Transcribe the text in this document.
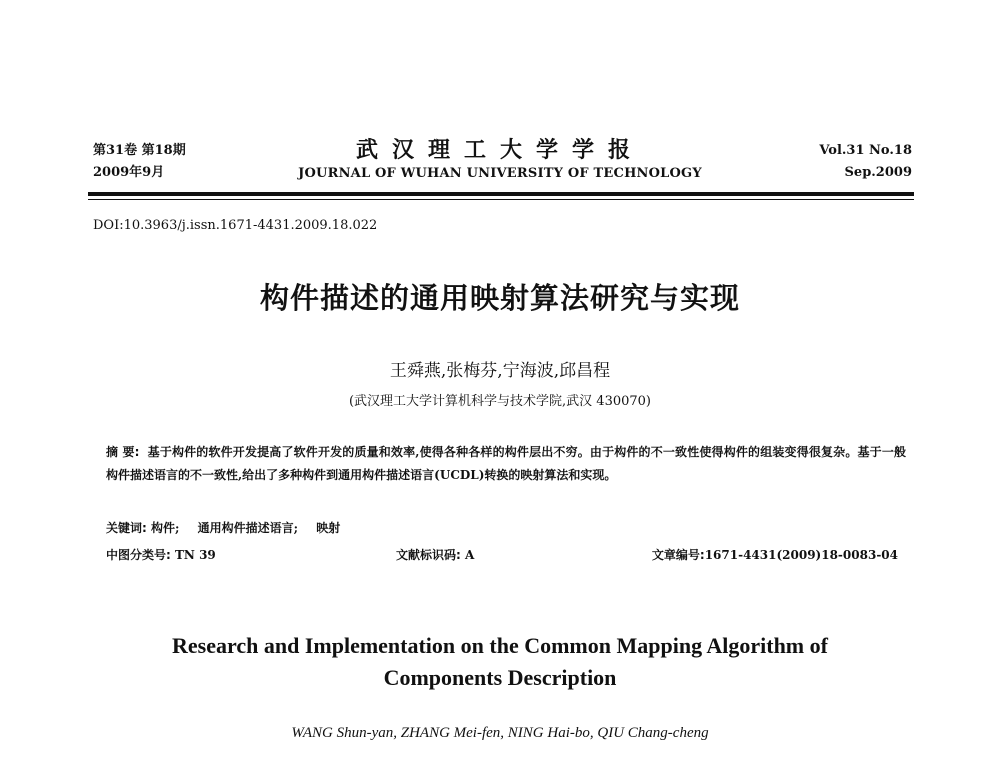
第31卷 第18期
2009年9月
武汉理工大学学报
JOURNAL OF WUHAN UNIVERSITY OF TECHNOLOGY
Vol.31 No.18
Sep.2009
DOI:10.3963/j.issn.1671-4431.2009.18.022
构件描述的通用映射算法研究与实现
王舜燕,张梅芬,宁海波,邱昌程
(武汉理工大学计算机科学与技术学院,武汉 430070)
摘 要: 基于构件的软件开发提高了软件开发的质量和效率,使得各种各样的构件层出不穷。由于构件的不一致性使得构件的组装变得很复杂。基于一般构件描述语言的不一致性,给出了多种构件到通用构件描述语言(UCDL)转换的映射算法和实现。
关键词: 构件; 通用构件描述语言; 映射
中图分类号: TN 39	文献标识码: A	文章编号:1671-4431(2009)18-0083-04
Research and Implementation on the Common Mapping Algorithm of
Components Description
WANG Shun-yan, ZHANG Mei-fen, NING Hai-bo, QIU Chang-cheng
